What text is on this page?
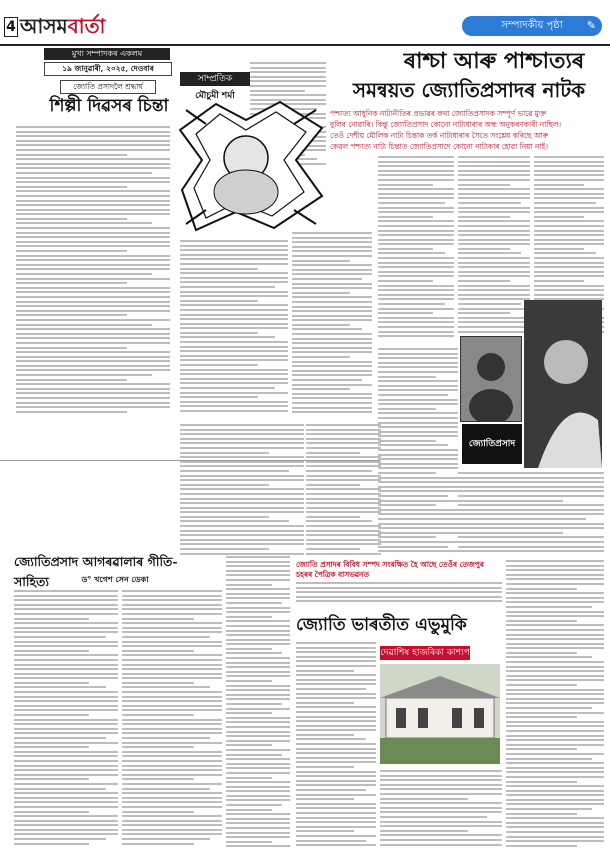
4 আসমবাৰ্তা	সম্পাদকীয় পৃষ্ঠা ✎
মুখ্য সম্পাদকৰ একলম
১৯ জানুৱাৰী, ২০২৫, দেওবাৰ
জ্যোতি প্ৰসাদলৈ শ্ৰদ্ধাৰ্ঘ
শিল্পী দিৱসৰ চিন্তা
সাম্প্ৰতিক
মৌচুমী শৰ্মা
ৰাশ্চা আৰু পাশ্চাত্যৰ
সমন্বয়ত জ্যোতিপ্ৰসাদৰ নাটক
পশ্চাত্য আধুনিক নাট্যনীতিৰ প্ৰভাৱৰ কথা জ্যোতিপ্ৰসাদক সম্পূৰ্ণ ভাৱে মুক্ত
বুলিব নোৱাৰি। কিন্তু জ্যোতিপ্ৰসাদ কোনো নাট্যধাৰাৰ অন্ধ অনুকৰণকাৰী নাছিল।
তেওঁ দেশীয় মৌলিক নাট্য চিন্তাক তৰ্ক নাট্যধাৰাৰ সৈতে সংশ্লেষ কৰিছে আৰু
কেৱল পশ্চাত্য নাট্য চিন্তাত জ্যোতিপ্ৰসাদে কোনো নাট্যকাৰ হোৱা নিয়া নাই।
জ্যোতিপ্ৰসাদ
জ্যোতিপ্ৰসাদ আগৰৱালাৰ গীতি-সাহিত্য	ড° খগেশ সেন ডেকা
জ্যোতি প্ৰসাদৰ বিবিধ সম্পদ সংৰক্ষিত হৈ আছে তেওঁৰ তেজপুৰ চহৰৰ পৈত্ৰিক বাসভৱনত
জ্যোতি ভাৰতীত এভুমুকি
দেৱাশিষ হাজৰিকা কাশ্যপ
